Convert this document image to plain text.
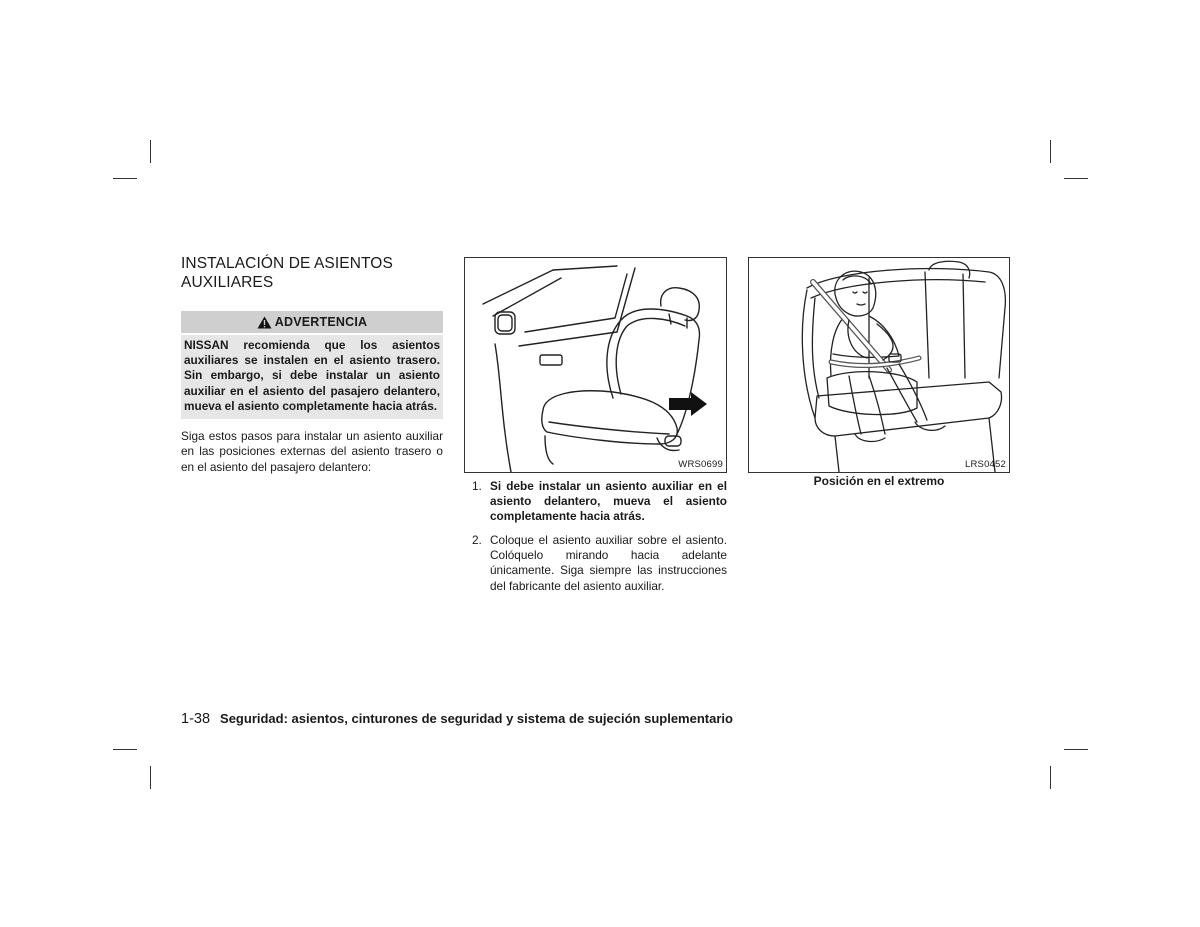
INSTALACIÓN DE ASIENTOS
AUXILIARES
ADVERTENCIA
NISSAN recomienda que los asientos auxiliares se instalen en el asiento trasero. Sin embargo, si debe instalar un asiento auxiliar en el asiento del pasajero delantero, mueva el asiento completamente hacia atrás.
Siga estos pasos para instalar un asiento auxiliar en las posiciones externas del asiento trasero o en el asiento del pasajero delantero:	WRS0699	LRS0452
1. Si debe instalar un asiento auxiliar en el asiento delantero, mueva el asiento completamente hacia atrás.
2. Coloque el asiento auxiliar sobre el asiento. Colóquelo mirando hacia adelante únicamente. Siga siempre las instrucciones del fabricante del asiento auxiliar.
Posición en el extremo
1-38 Seguridad: asientos, cinturones de seguridad y sistema de sujeción suplementario
